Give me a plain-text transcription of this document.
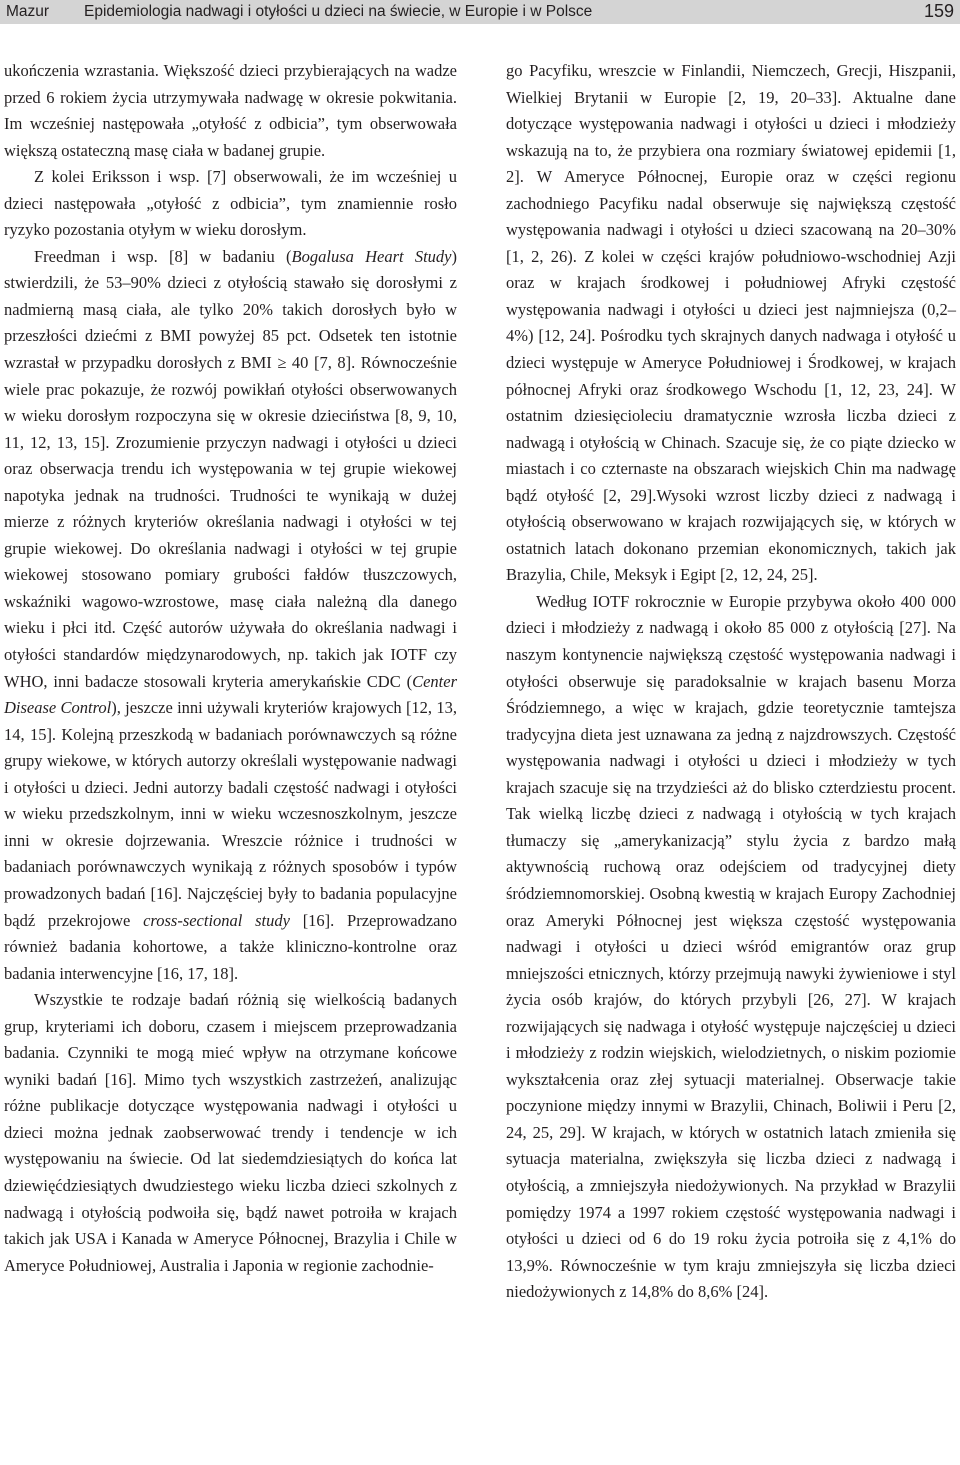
Mazur Epidemiologia nadwagi i otyłości u dzieci na świecie, w Europie i w Polsce	159

ukończenia wzrastania. Większość dzieci przybierających na wadze przed 6 rokiem życia utrzymywała nadwagę w okresie pokwitania. Im wcześniej następowała „otyłość z odbicia”, tym obserwowała większą ostateczną masę ciała w badanej grupie.

Z kolei Eriksson i wsp. [7] obserwowali, że im wcześniej u dzieci następowała „otyłość z odbicia”, tym znamiennie rosło ryzyko pozostania otyłym w wieku dorosłym.

Freedman i wsp. [8] w badaniu (Bogalusa Heart Study) stwierdzili, że 53–90% dzieci z otyłością stawało się dorosłymi z nadmierną masą ciała, ale tylko 20% takich dorosłych było w przeszłości dziećmi z BMI powyżej 85 pct. Odsetek ten istotnie wzrastał w przypadku dorosłych z BMI ≥ 40 [7, 8]. Równocześnie wiele prac pokazuje, że rozwój powikłań otyłości obserwowanych w wieku dorosłym rozpoczyna się w okresie dzieciństwa [8, 9, 10, 11, 12, 13, 15]. Zrozumienie przyczyn nadwagi i otyłości u dzieci oraz obserwacja trendu ich występowania w tej grupie wiekowej napotyka jednak na trudności. Trudności te wynikają w dużej mierze z różnych kryteriów określania nadwagi i otyłości w tej grupie wiekowej. Do określania nadwagi i otyłości w tej grupie wiekowej stosowano pomiary grubości fałdów tłuszczowych, wskaźniki wagowo-wzrostowe, masę ciała należną dla danego wieku i płci itd. Część autorów używała do określania nadwagi i otyłości standardów międzynarodowych, np. takich jak IOTF czy WHO, inni badacze stosowali kryteria amerykańskie CDC (Center Disease Control), jeszcze inni używali kryteriów krajowych [12, 13, 14, 15]. Kolejną przeszkodą w badaniach porównawczych są różne grupy wiekowe, w których autorzy określali występowanie nadwagi i otyłości u dzieci. Jedni autorzy badali częstość nadwagi i otyłości w wieku przedszkolnym, inni w wieku wczesnoszkolnym, jeszcze inni w okresie dojrzewania. Wreszcie różnice i trudności w badaniach porównawczych wynikają z różnych sposobów i typów prowadzonych badań [16]. Najczęściej były to badania populacyjne bądź przekrojowe cross-sectional study [16]. Przeprowadzano również badania kohortowe, a także kliniczno-kontrolne oraz badania interwencyjne [16, 17, 18].

Wszystkie te rodzaje badań różnią się wielkością badanych grup, kryteriami ich doboru, czasem i miejscem przeprowadzania badania. Czynniki te mogą mieć wpływ na otrzymane końcowe wyniki badań [16]. Mimo tych wszystkich zastrzeżeń, analizując różne publikacje dotyczące występowania nadwagi i otyłości u dzieci można jednak zaobserwować trendy i tendencje w ich występowaniu na świecie. Od lat siedemdziesiątych do końca lat dziewięćdziesiątych dwudziestego wieku liczba dzieci szkolnych z nadwagą i otyłością podwoiła się, bądź nawet potroiła w krajach takich jak USA i Kanada w Ameryce Północnej, Brazylia i Chile w Ameryce Południowej, Australia i Japonia w regionie zachodnie-

go Pacyfiku, wreszcie w Finlandii, Niemczech, Grecji, Hiszpanii, Wielkiej Brytanii w Europie [2, 19, 20–33]. Aktualne dane dotyczące występowania nadwagi i otyłości u dzieci i młodzieży wskazują na to, że przybiera ona rozmiary światowej epidemii [1, 2]. W Ameryce Północnej, Europie oraz w części regionu zachodniego Pacyfiku nadal obserwuje się największą częstość występowania nadwagi i otyłości u dzieci szacowaną na 20–30% [1, 2, 26). Z kolei w części krajów południowo-wschodniej Azji oraz w krajach środkowej i południowej Afryki częstość występowania nadwagi i otyłości u dzieci jest najmniejsza (0,2–4%) [12, 24]. Pośrodku tych skrajnych danych nadwaga i otyłość u dzieci występuje w Ameryce Południowej i Środkowej, w krajach północnej Afryki oraz środkowego Wschodu [1, 12, 23, 24]. W ostatnim dziesięcioleciu dramatycznie wzrosła liczba dzieci z nadwagą i otyłością w Chinach. Szacuje się, że co piąte dziecko w miastach i co czternaste na obszarach wiejskich Chin ma nadwagę bądź otyłość [2, 29].Wysoki wzrost liczby dzieci z nadwagą i otyłością obserwowano w krajach rozwijających się, w których w ostatnich latach dokonano przemian ekonomicznych, takich jak Brazylia, Chile, Meksyk i Egipt [2, 12, 24, 25].

Według IOTF rokrocznie w Europie przybywa około 400 000 dzieci i młodzieży z nadwagą i około 85 000 z otyłością [27]. Na naszym kontynencie największą częstość występowania nadwagi i otyłości obserwuje się paradoksalnie w krajach basenu Morza Śródziemnego, a więc w krajach, gdzie teoretycznie tamtejsza tradycyjna dieta jest uznawana za jedną z najzdrowszych. Częstość występowania nadwagi i otyłości u dzieci i młodzieży w tych krajach szacuje się na trzydzieści aż do blisko czterdziestu procent. Tak wielką liczbę dzieci z nadwagą i otyłością w tych krajach tłumaczy się „amerykanizacją” stylu życia z bardzo małą aktywnością ruchową oraz odejściem od tradycyjnej diety śródziemnomorskiej. Osobną kwestią w krajach Europy Zachodniej oraz Ameryki Północnej jest większa częstość występowania nadwagi i otyłości u dzieci wśród emigrantów oraz grup mniejszości etnicznych, którzy przejmują nawyki żywieniowe i styl życia osób krajów, do których przybyli [26, 27]. W krajach rozwijających się nadwaga i otyłość występuje najczęściej u dzieci i młodzieży z rodzin wiejskich, wielodzietnych, o niskim poziomie wykształcenia oraz złej sytuacji materialnej. Obserwacje takie poczynione między innymi w Brazylii, Chinach, Boliwii i Peru [2, 24, 25, 29]. W krajach, w których w ostatnich latach zmieniła się sytuacja materialna, zwiększyła się liczba dzieci z nadwagą i otyłością, a zmniejszyła niedożywionych. Na przykład w Brazylii pomiędzy 1974 a 1997 rokiem częstość występowania nadwagi i otyłości u dzieci od 6 do 19 roku życia potroiła się z 4,1% do 13,9%. Równocześnie w tym kraju zmniejszyła się liczba dzieci niedożywionych z 14,8% do 8,6% [24].
